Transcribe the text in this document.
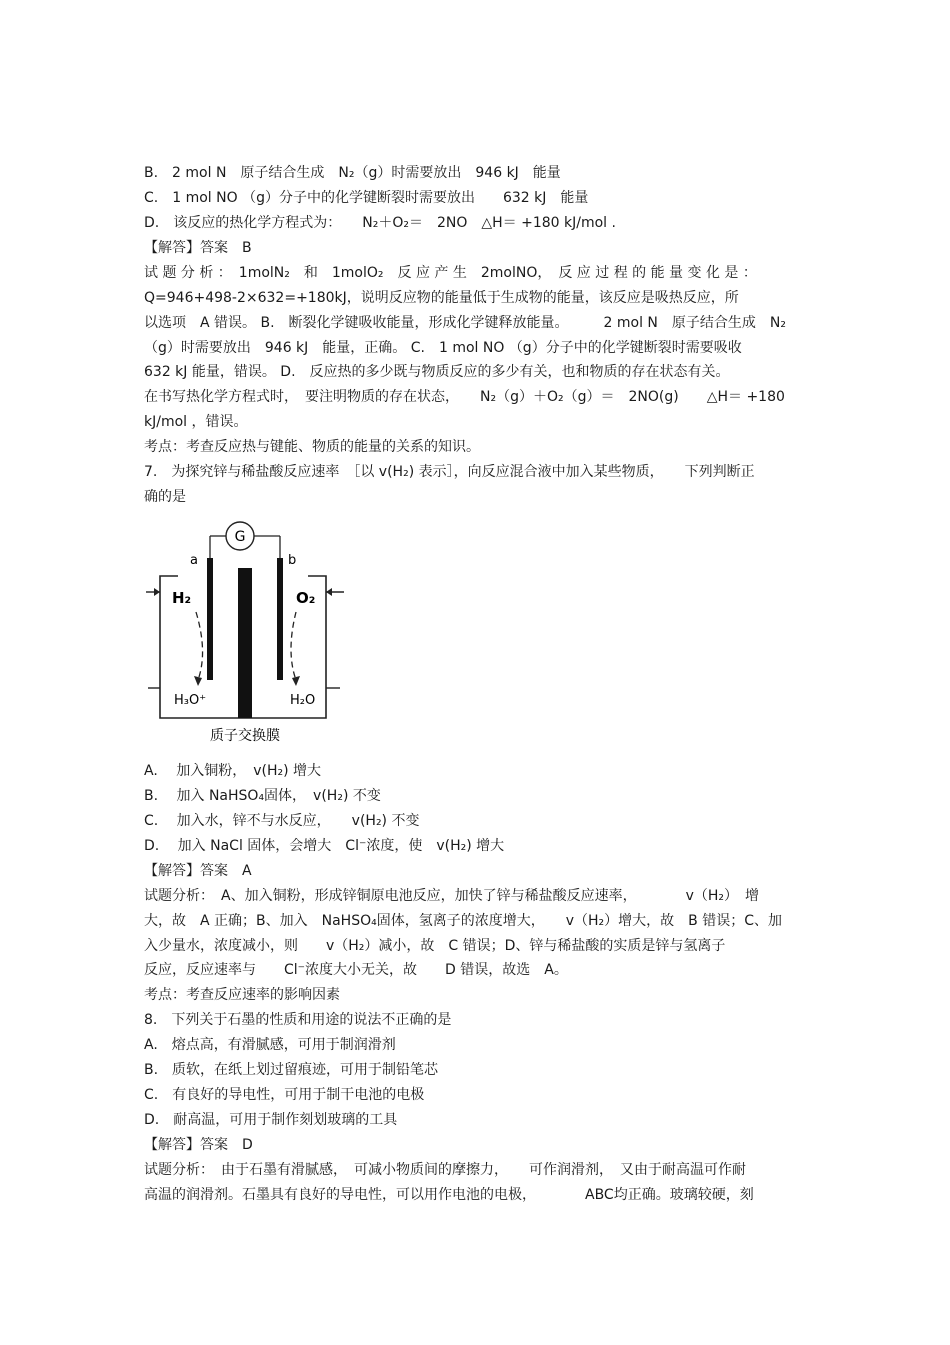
B.　2 mol N　原子结合生成　N₂（g）时需要放出　946 kJ　能量
C.　1 mol NO （g）分子中的化学键断裂时需要放出　　632 kJ　能量
D.　该反应的热化学方程式为：　　N₂＋O₂＝　2NO　△H＝ +180 kJ/mol .
【解答】答案　B
试 题 分 析 ：　1molN₂　和　1molO₂　反 应 产 生　2molNO，　反 应 过 程 的 能 量 变 化 是 ：
Q=946+498-2×632=+180kJ，说明反应物的能量低于生成物的能量，该反应是吸热反应，所
以选项　A 错误。 B.　断裂化学键吸收能量，形成化学键释放能量。　　　2 mol N　原子结合生成　N₂
（g）时需要放出　946 kJ　能量，正确。 C.　1 mol NO （g）分子中的化学键断裂时需要吸收
632 kJ 能量，错误。 D.　反应热的多少既与物质反应的多少有关，也和物质的存在状态有关。
在书写热化学方程式时，　要注明物质的存在状态，　　N₂（g）＋O₂（g）＝　2NO(g)　　△H＝ +180
kJ/mol ，错误。
考点：考查反应热与键能、物质的能量的关系的知识。
7.　为探究锌与稀盐酸反应速率　［以 v(H₂) 表示］，向反应混合液中加入某些物质，　　下列判断正
确的是
G
a	b
H₂	O₂
H₃O⁺	H₂O
质子交换膜
A.　 加入铜粉，　v(H₂) 增大
B.　 加入 NaHSO₄固体，　v(H₂) 不变
C.　 加入水，锌不与水反应，　　v(H₂) 不变
D.　 加入 NaCl 固体，会增大　Cl⁻浓度，使　v(H₂) 增大
【解答】答案　A
试题分析：　A、加入铜粉，形成锌铜原电池反应，加快了锌与稀盐酸反应速率，　　　　v（H₂）　增
大，故　A 正确；B、加入　NaHSO₄固体，氢离子的浓度增大，　　v（H₂）增大，故　B 错误；C、加
入少量水，浓度减小，则　　v（H₂）减小，故　C 错误；D、锌与稀盐酸的实质是锌与氢离子
反应，反应速率与　　Cl⁻浓度大小无关，故　　D 错误，故选　A。
考点：考查反应速率的影响因素
8.　下列关于石墨的性质和用途的说法不正确的是
A.　熔点高，有滑腻感，可用于制润滑剂
B.　质软，在纸上划过留痕迹，可用于制铅笔芯
C.　有良好的导电性，可用于制干电池的电极
D.　耐高温，可用于制作刻划玻璃的工具
【解答】答案　D
试题分析：　由于石墨有滑腻感，　可减小物质间的摩擦力，　　可作润滑剂，　又由于耐高温可作耐
高温的润滑剂。石墨具有良好的导电性，可以用作电池的电极，　　　　ABC均正确。玻璃较硬，刻
